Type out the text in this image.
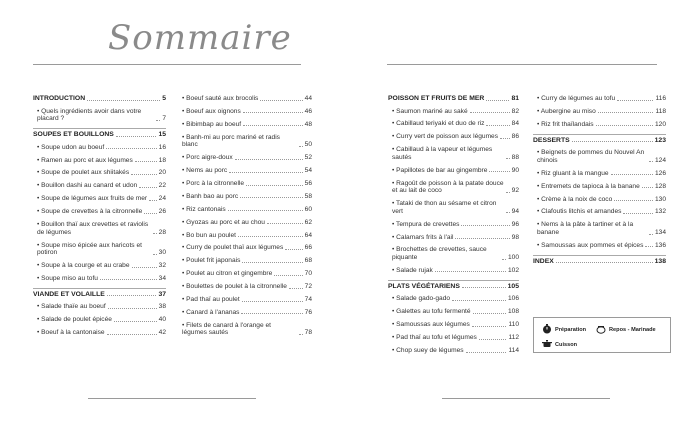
Sommaire
INTRODUCTION	5
• Quels ingrédients avoir dans votre placard ?	7
SOUPES ET BOUILLONS	15
• Soupe udon au boeuf	16
• Ramen au porc et aux légumes	18
• Soupe de poulet aux shiitakés	20
• Bouillon dashi au canard et udon	22
• Soupe de légumes aux fruits de mer 24
• Soupe de crevettes à la citronnelle 26
• Bouillon thaï aux crevettes et raviolis de légumes	28
• Soupe miso épicée aux haricots et potiron	30
• Soupe à la courge et au crabe	32
• Soupe miso au tofu	34
VIANDE ET VOLAILLE	37
• Salade thaïe au boeuf	38
• Salade de poulet épicée	40
• Boeuf à la cantonaise	42
• Boeuf sauté aux brocolis	44
• Boeuf aux oignons	46
• Bibimbap au boeuf	48
• Banh-mi au porc mariné et radis blanc	50
• Porc aigre-doux	52
• Nems au porc	54
• Porc à la citronnelle	56
• Banh bao au porc	58
• Riz cantonais	60
• Gyozas au porc et au chou	62
• Bo bun au poulet	64
• Curry de poulet thaï aux légumes	66
• Poulet frit japonais	68
• Poulet au citron et gingembre	70
• Boulettes de poulet à la citronnelle	72
• Pad thaï au poulet	74
• Canard à l'ananas	76
• Filets de canard à l'orange et légumes sautés	78
POISSON ET FRUITS DE MER	81
• Saumon mariné au saké	82
• Cabillaud teriyaki et duo de riz	84
• Curry vert de poisson aux légumes 86
• Cabillaud à la vapeur et légumes sautés	88
• Papillotes de bar au gingembre	90
• Ragoût de poisson à la patate douce et au lait de coco	92
• Tataki de thon au sésame et citron vert	94
• Tempura de crevettes	96
• Calamars frits à l'ail	98
• Brochettes de crevettes, sauce piquante	100
• Salade rujak	102
PLATS VÉGÉTARIENS	105
• Salade gado-gado	106
• Galettes au tofu fermenté	108
• Samoussas aux légumes	110
• Pad thaï au tofu et légumes	112
• Chop suey de légumes	114
• Curry de légumes au tofu	116
• Aubergine au miso	118
• Riz frit thaïlandais	120
DESSERTS	123
• Beignets de pommes du Nouvel An chinois	124
• Riz gluant à la mangue	126
• Entremets de tapioca à la banane 128
• Crème à la noix de coco	130
• Clafoutis litchis et amandes	132
• Nems à la pâte à tartiner et à la banane	134
• Samoussas aux pommes et épices 136
INDEX	138
Préparation	Repos - Marinade
Cuisson
